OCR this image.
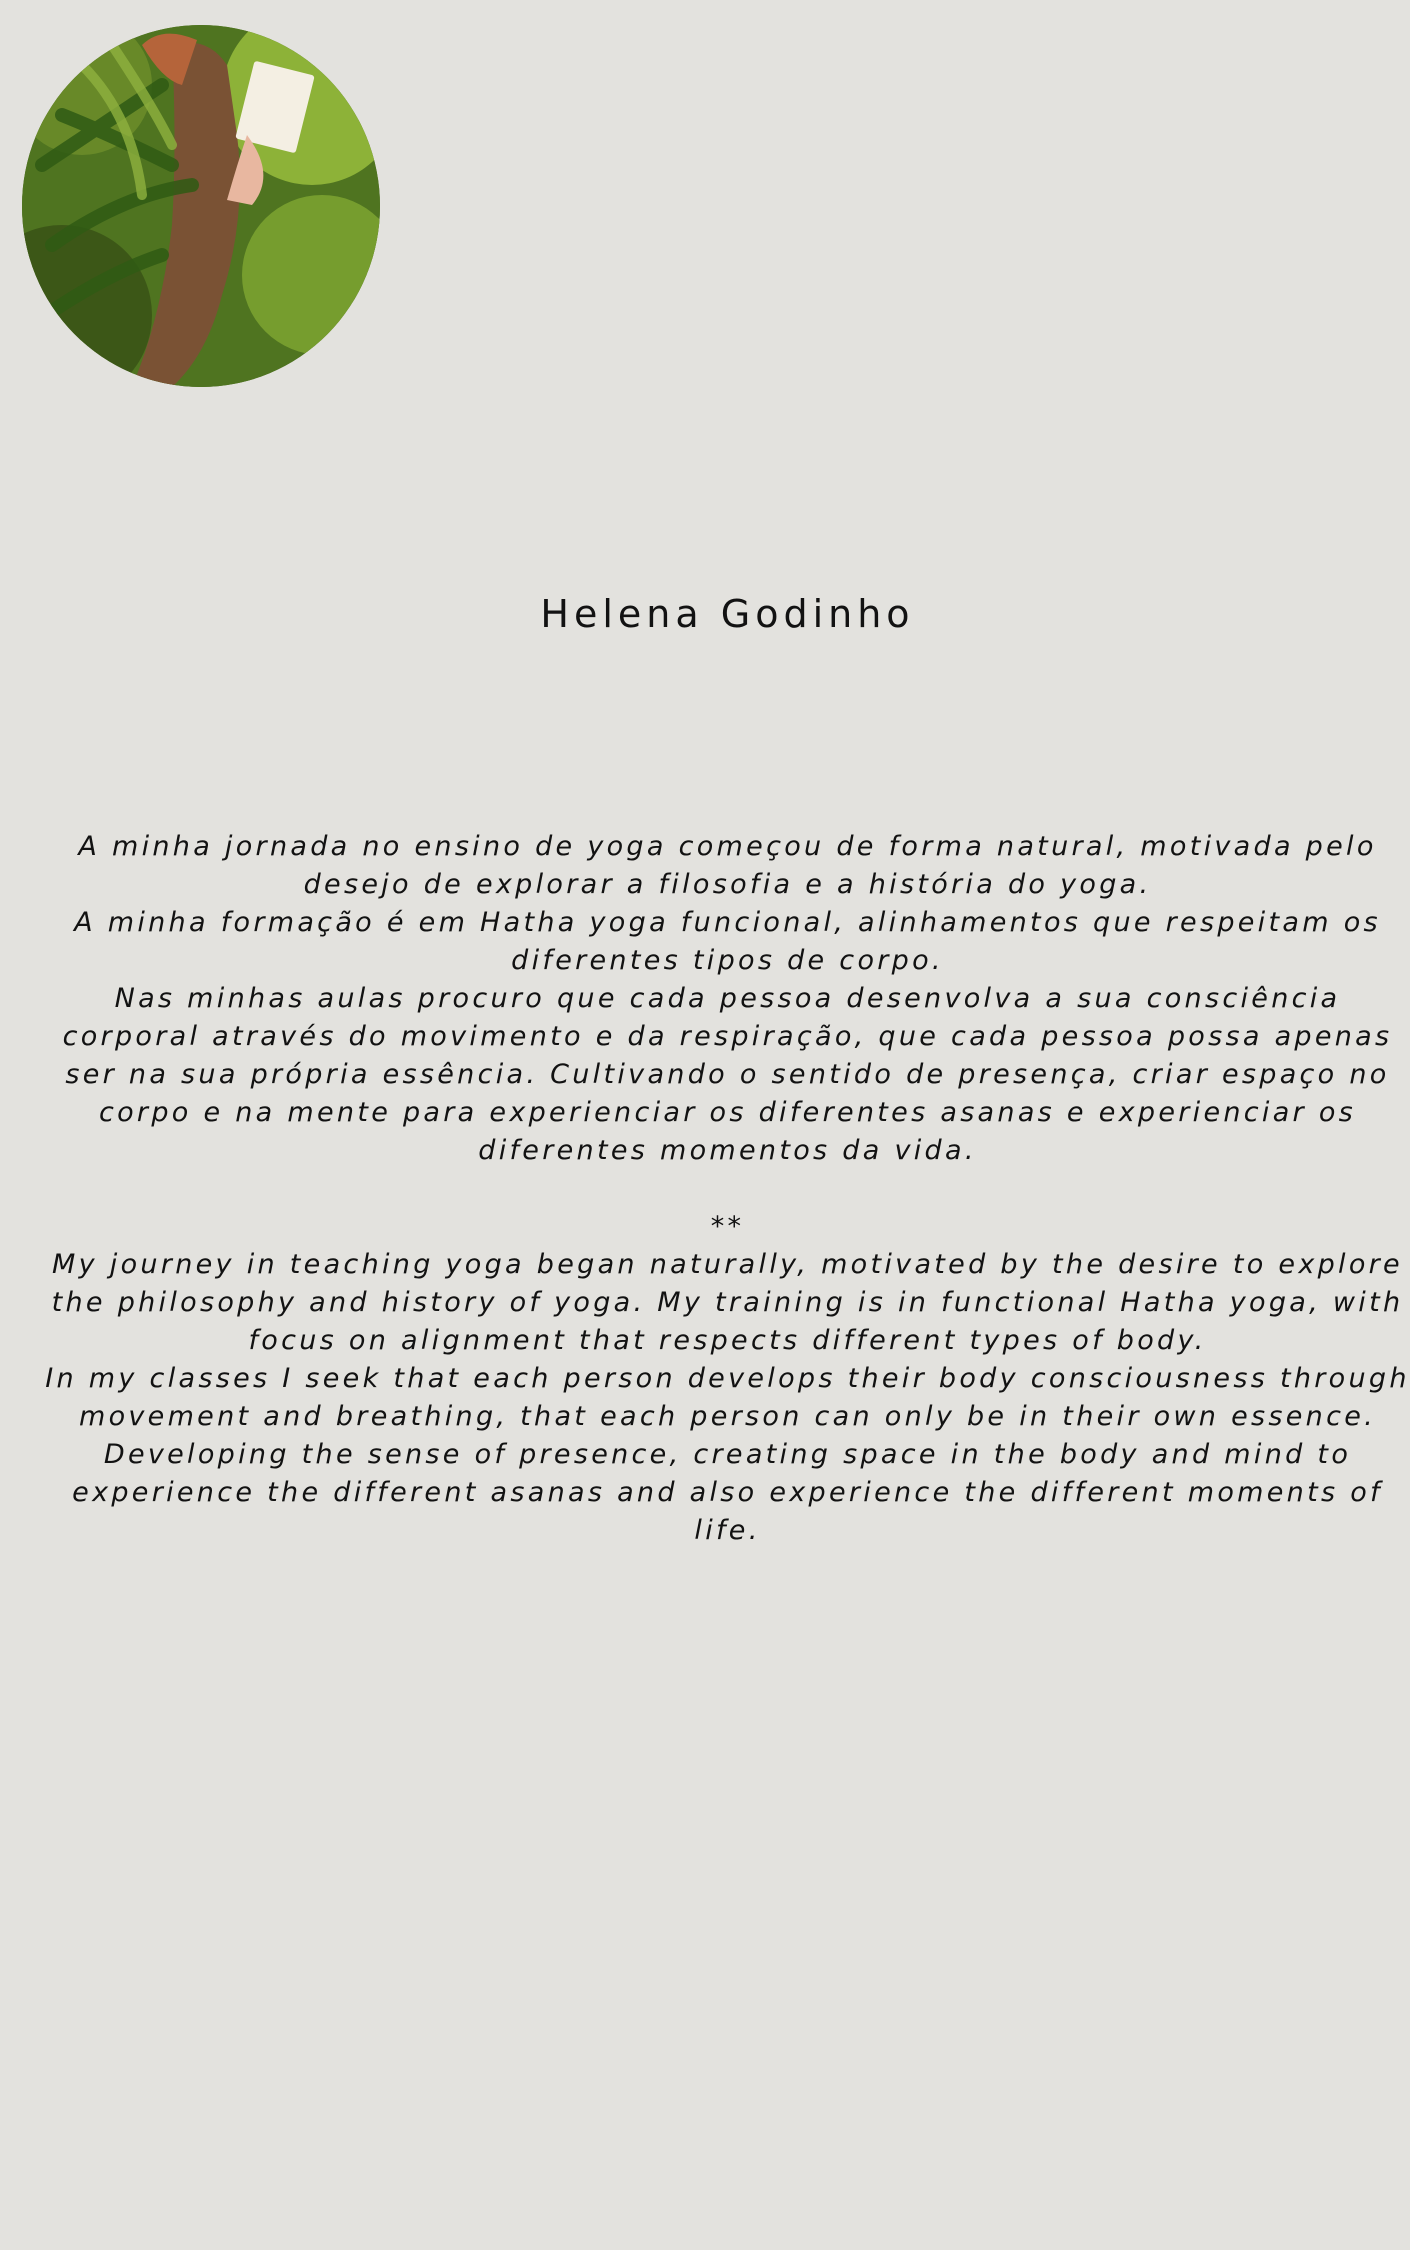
Helena Godinho
A minha jornada no ensino de yoga começou de forma natural, motivada pelo
desejo de explorar a filosofia e a história do yoga.
A minha formação é em Hatha yoga funcional, alinhamentos que respeitam os
diferentes tipos de corpo.
Nas minhas aulas procuro que cada pessoa desenvolva a sua consciência
corporal através do movimento e da respiração, que cada pessoa possa apenas
ser na sua própria essência. Cultivando o sentido de presença, criar espaço no
corpo e na mente para experienciar os diferentes asanas e experienciar os
diferentes momentos da vida.
**
My journey in teaching yoga began naturally, motivated by the desire to explore
the philosophy and history of yoga. My training is in functional Hatha yoga, with
focus on alignment that respects different types of body.
In my classes I seek that each person develops their body consciousness through
movement and breathing, that each person can only be in their own essence.
Developing the sense of presence, creating space in the body and mind to
experience the different asanas and also experience the different moments of
life.
